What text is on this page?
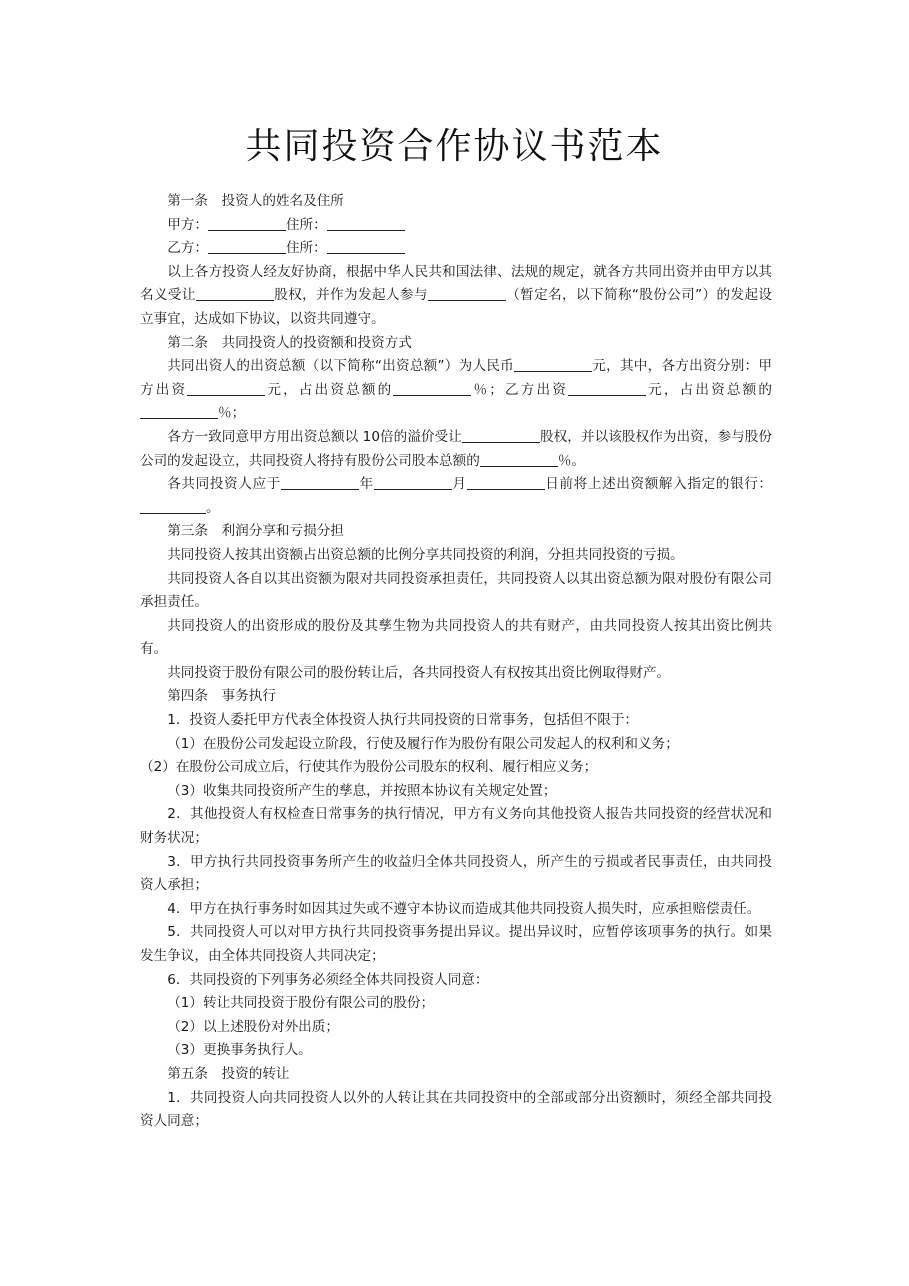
共同投资合作协议书范本

第一条　投资人的姓名及住所

甲方：	住所：

乙方：	住所：

以上各方投资人经友好协商，根据中华人民共和国法律、法规的规定，就各方共同出资并由甲方以其名义受让	股权，并作为发起人参与	（暂定名，以下简称“股份公司”）的发起设立事宜，达成如下协议，以资共同遵守。

第二条　共同投资人的投资额和投资方式

共同出资人的出资总额（以下简称“出资总额”）为人民币	元，其中，各方出资分别：甲方出资	元，占出资总额的	％；乙方出资	元，占出资总额的％；

各方一致同意甲方用出资总额以 10倍的溢价受让	股权，并以该股权作为出资，参与股份公司的发起设立，共同投资人将持有股份公司股本总额的	％。

各共同投资人应于	年	月	日前将上述出资额解入指定的银行：。

第三条　利润分享和亏损分担

共同投资人按其出资额占出资总额的比例分享共同投资的利润，分担共同投资的亏损。

共同投资人各自以其出资额为限对共同投资承担责任，共同投资人以其出资总额为限对股份有限公司承担责任。

共同投资人的出资形成的股份及其孳生物为共同投资人的共有财产，由共同投资人按其出资比例共有。

共同投资于股份有限公司的股份转让后，各共同投资人有权按其出资比例取得财产。

第四条　事务执行

1．投资人委托甲方代表全体投资人执行共同投资的日常事务，包括但不限于：

（1）在股份公司发起设立阶段，行使及履行作为股份有限公司发起人的权利和义务；

（2）在股份公司成立后，行使其作为股份公司股东的权利、履行相应义务；

（3）收集共同投资所产生的孳息，并按照本协议有关规定处置；

2．其他投资人有权检查日常事务的执行情况，甲方有义务向其他投资人报告共同投资的经营状况和财务状况；

3．甲方执行共同投资事务所产生的收益归全体共同投资人，所产生的亏损或者民事责任，由共同投资人承担；

4．甲方在执行事务时如因其过失或不遵守本协议而造成其他共同投资人损失时，应承担赔偿责任。

5．共同投资人可以对甲方执行共同投资事务提出异议。提出异议时，应暂停该项事务的执行。如果发生争议，由全体共同投资人共同决定；

6．共同投资的下列事务必须经全体共同投资人同意：

（1）转让共同投资于股份有限公司的股份；

（2）以上述股份对外出质；

（3）更换事务执行人。

第五条　投资的转让

1．共同投资人向共同投资人以外的人转让其在共同投资中的全部或部分出资额时，须经全部共同投资人同意；
